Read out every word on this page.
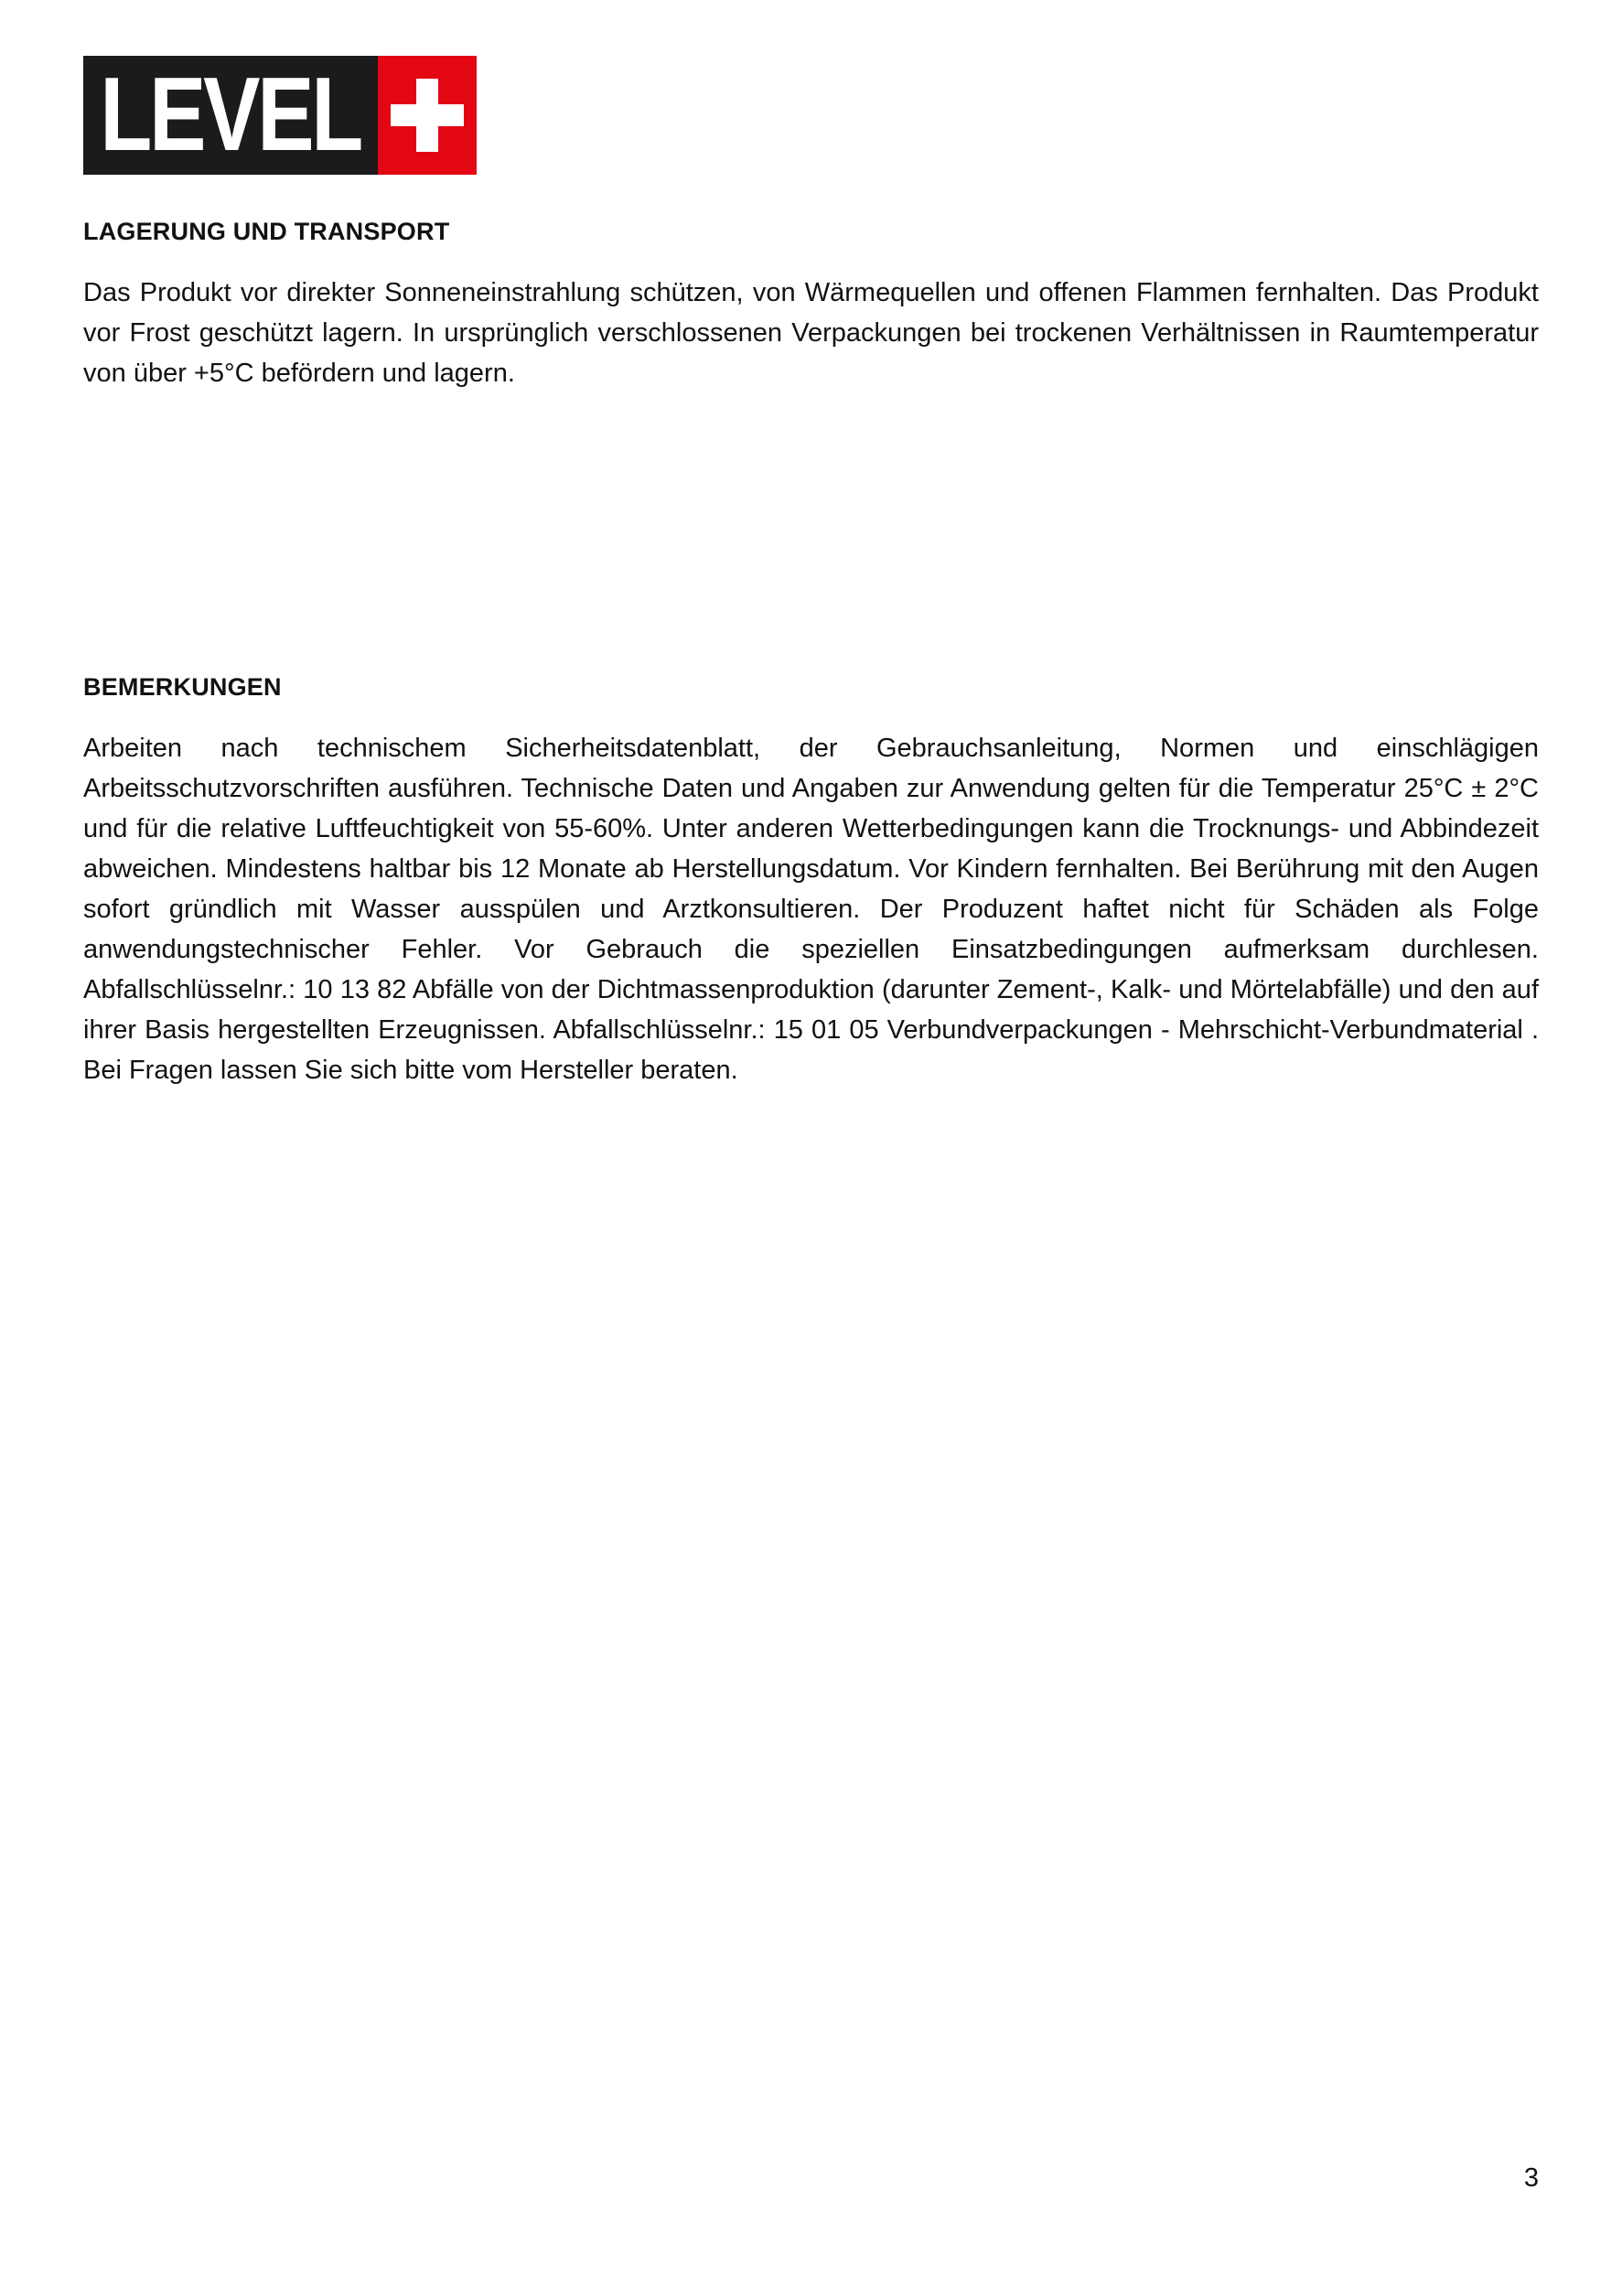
LEVEL
LAGERUNG UND TRANSPORT

Das Produkt vor direkter Sonneneinstrahlung schützen, von Wärmequellen und offenen Flammen fernhalten. Das Produkt vor Frost geschützt lagern. In ursprünglich verschlossenen Verpackungen bei trockenen Verhältnissen in Raumtemperatur von über +5°C befördern und lagern.

BEMERKUNGEN

Arbeiten nach technischem Sicherheitsdatenblatt, der Gebrauchsanleitung, Normen und einschlägigen Arbeitsschutzvorschriften ausführen. Technische Daten und Angaben zur Anwendung gelten für die Temperatur 25°C ± 2°C und für die relative Luftfeuchtigkeit von 55-60%. Unter anderen Wetterbedingungen kann die Trocknungs- und Abbindezeit abweichen. Mindestens haltbar bis 12 Monate ab Herstellungsdatum. Vor Kindern fernhalten. Bei Berührung mit den Augen sofort gründlich mit Wasser ausspülen und Arztkonsultieren. Der Produzent haftet nicht für Schäden als Folge anwendungstechnischer Fehler. Vor Gebrauch die speziellen Einsatzbedingungen aufmerksam durchlesen. Abfallschlüsselnr.: 10 13 82 Abfälle von der Dichtmassenproduktion (darunter Zement-, Kalk- und Mörtelabfälle) und den auf ihrer Basis hergestellten Erzeugnissen. Abfallschlüsselnr.: 15 01 05 Verbundverpackungen - Mehrschicht-Verbundmaterial . Bei Fragen lassen Sie sich bitte vom Hersteller beraten.

3
